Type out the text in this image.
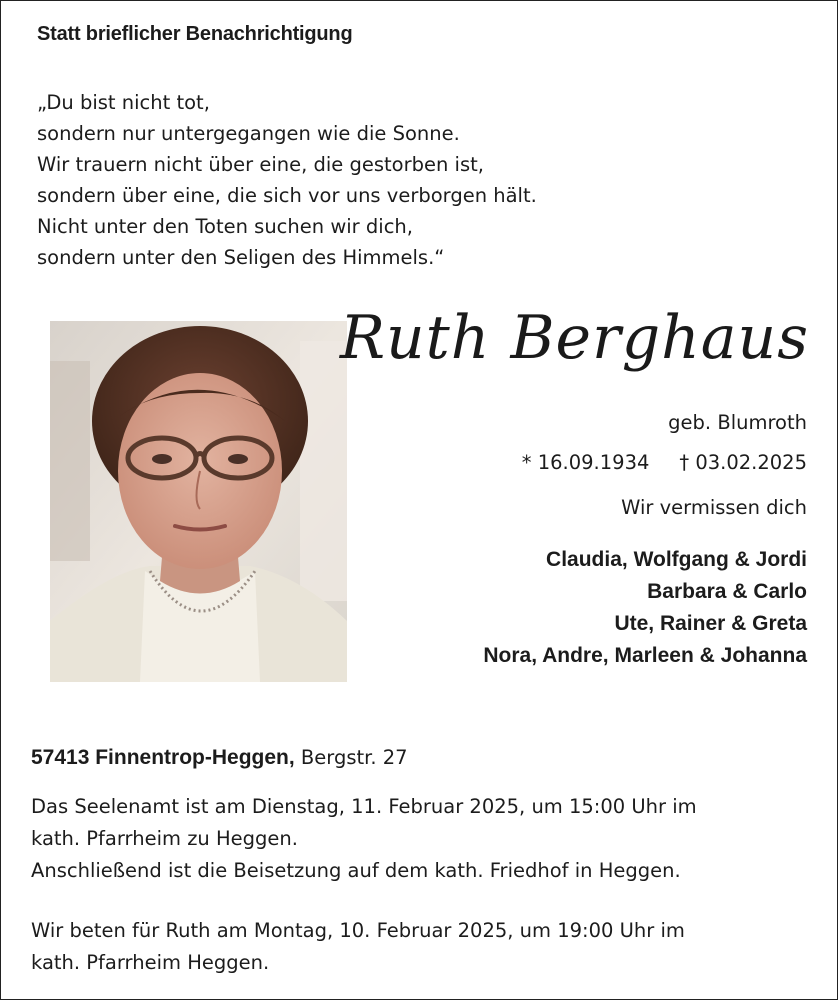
Statt brieflicher Benachrichtigung
„Du bist nicht tot,
sondern nur untergegangen wie die Sonne.
Wir trauern nicht über eine, die gestorben ist,
sondern über eine, die sich vor uns verborgen hält.
Nicht unter den Toten suchen wir dich,
sondern unter den Seligen des Himmels.“
Ruth Berghaus
geb. Blumroth
* 16.09.1934 † 03.02.2025
Wir vermissen dich
Claudia, Wolfgang & Jordi
Barbara & Carlo
Ute, Rainer & Greta
Nora, Andre, Marleen & Johanna
57413 Finnentrop-Heggen, Bergstr. 27
Das Seelenamt ist am Dienstag, 11. Februar 2025, um 15:00 Uhr im
kath. Pfarrheim zu Heggen.
Anschließend ist die Beisetzung auf dem kath. Friedhof in Heggen.
Wir beten für Ruth am Montag, 10. Februar 2025, um 19:00 Uhr im
kath. Pfarrheim Heggen.
